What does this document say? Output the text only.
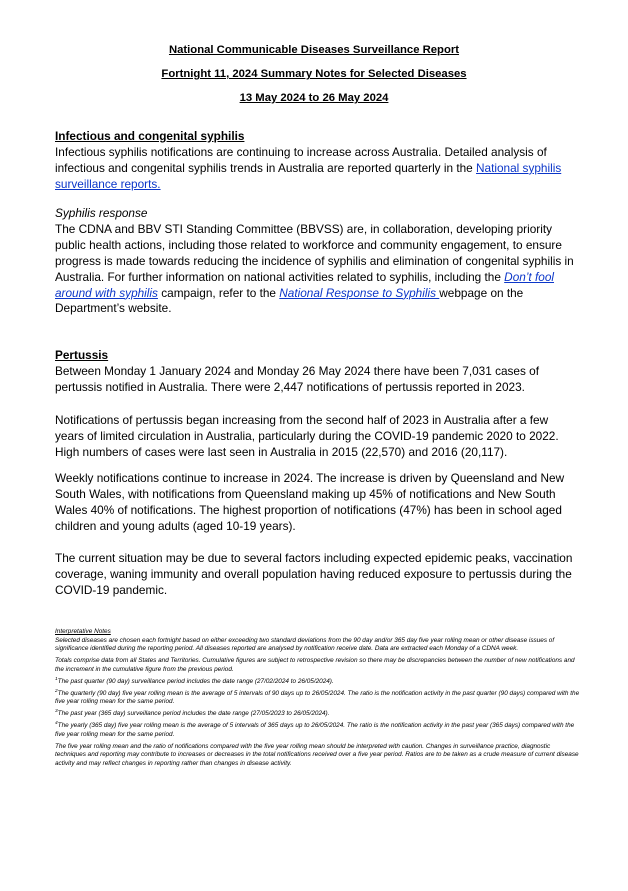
National Communicable Diseases Surveillance Report
Fortnight 11, 2024 Summary Notes for Selected Diseases
13 May 2024 to 26 May 2024
Infectious and congenital syphilis
Infectious syphilis notifications are continuing to increase across Australia. Detailed analysis of infectious and congenital syphilis trends in Australia are reported quarterly in the National syphilis surveillance reports.
Syphilis response
The CDNA and BBV STI Standing Committee (BBVSS) are, in collaboration, developing priority public health actions, including those related to workforce and community engagement, to ensure progress is made towards reducing the incidence of syphilis and elimination of congenital syphilis in Australia. For further information on national activities related to syphilis, including the Don’t fool around with syphilis campaign, refer to the National Response to Syphilis webpage on the Department’s website.
Pertussis
Between Monday 1 January 2024 and Monday 26 May 2024 there have been 7,031 cases of pertussis notified in Australia. There were 2,447 notifications of pertussis reported in 2023.
Notifications of pertussis began increasing from the second half of 2023 in Australia after a few years of limited circulation in Australia, particularly during the COVID-19 pandemic 2020 to 2022. High numbers of cases were last seen in Australia in 2015 (22,570) and 2016 (20,117).
Weekly notifications continue to increase in 2024. The increase is driven by Queensland and New South Wales, with notifications from Queensland making up 45% of notifications and New South Wales 40% of notifications. The highest proportion of notifications (47%) has been in school aged children and young adults (aged 10-19 years).
The current situation may be due to several factors including expected epidemic peaks, vaccination coverage, waning immunity and overall population having reduced exposure to pertussis during the COVID-19 pandemic.

Interpretative Notes

Selected diseases are chosen each fortnight based on either exceeding two standard deviations from the 90 day and/or 365 day five year rolling mean or other disease issues of significance identified during the reporting period. All diseases reported are analysed by notification receive date. Data are extracted each Monday of a CDNA week.

Totals comprise data from all States and Territories. Cumulative figures are subject to retrospective revision so there may be discrepancies between the number of new notifications and the increment in the cumulative figure from the previous period.

$^1$The past quarter (90 day) surveillance period includes the date range (27/02/2024 to 26/05/2024).

$^2$The quarterly (90 day) five year rolling mean is the average of 5 intervals of 90 days up to 26/05/2024. The ratio is the notification activity in the past quarter (90 days) compared with the five year rolling mean for the same period.

$^3$The past year (365 day) surveillance period includes the date range (27/05/2023 to 26/05/2024).

$^4$The yearly (365 day) five year rolling mean is the average of 5 intervals of 365 days up to 26/05/2024. The ratio is the notification activity in the past year (365 days) compared with the five year rolling mean for the same period.

The five year rolling mean and the ratio of notifications compared with the five year rolling mean should be interpreted with caution. Changes in surveillance practice, diagnostic techniques and reporting may contribute to increases or decreases in the total notifications received over a five year period. Ratios are to be taken as a crude measure of current disease activity and may reflect changes in reporting rather than changes in disease activity.
